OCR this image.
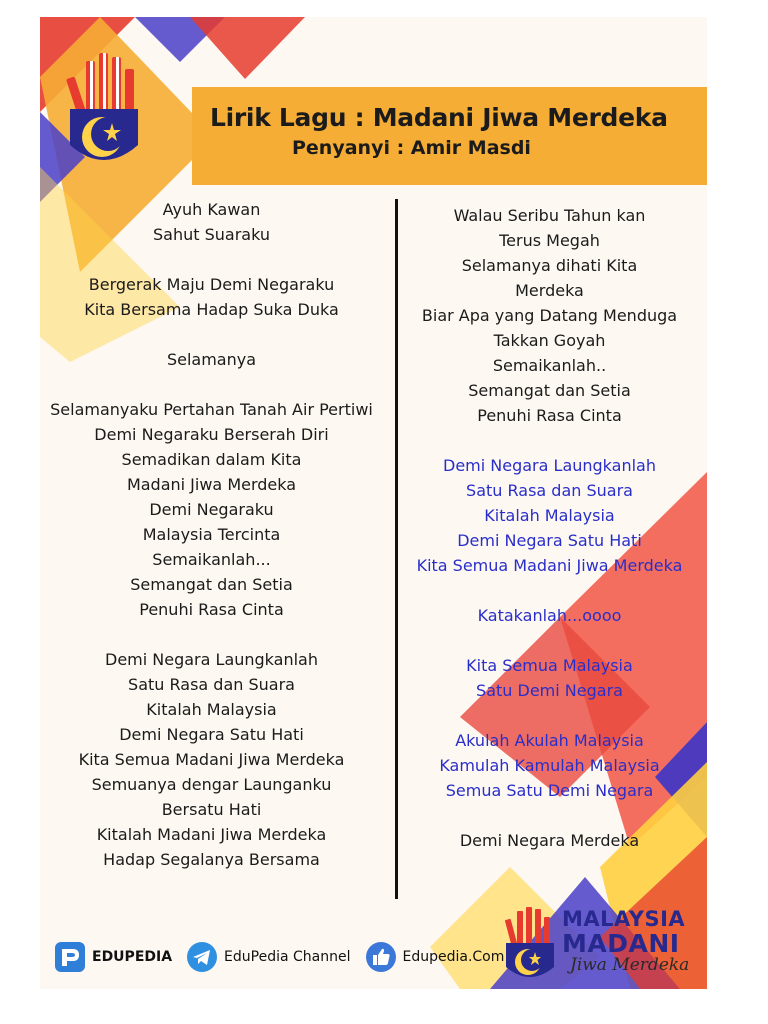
Lirik Lagu : Madani Jiwa Merdeka
Penyanyi : Amir Masdi
Ayuh Kawan
Sahut Suaraku
Bergerak Maju Demi Negaraku
Kita Bersama Hadap Suka Duka
Selamanya
Selamanyaku Pertahan Tanah Air Pertiwi
Demi Negaraku Berserah Diri
Semadikan dalam Kita
Madani Jiwa Merdeka
Demi Negaraku
Malaysia Tercinta
Semaikanlah...
Semangat dan Setia
Penuhi Rasa Cinta
Demi Negara Laungkanlah
Satu Rasa dan Suara
Kitalah Malaysia
Demi Negara Satu Hati
Kita Semua Madani Jiwa Merdeka
Semuanya dengar Launganku
Bersatu Hati
Kitalah Madani Jiwa Merdeka
Hadap Segalanya Bersama
Walau Seribu Tahun kan
Terus Megah
Selamanya dihati Kita
Merdeka
Biar Apa yang Datang Menduga
Takkan Goyah
Semaikanlah..
Semangat dan Setia
Penuhi Rasa Cinta
Demi Negara Laungkanlah
Satu Rasa dan Suara
Kitalah Malaysia
Demi Negara Satu Hati
Kita Semua Madani Jiwa Merdeka
Katakanlah...oooo
Kita Semua Malaysia
Satu Demi Negara
Akulah Akulah Malaysia
Kamulah Kamulah Malaysia
Semua Satu Demi Negara
Demi Negara Merdeka
EDUPEDIA	EduPedia Channel	Edupedia.Com
MALAYSIA
MADANI
Jiwa Merdeka
